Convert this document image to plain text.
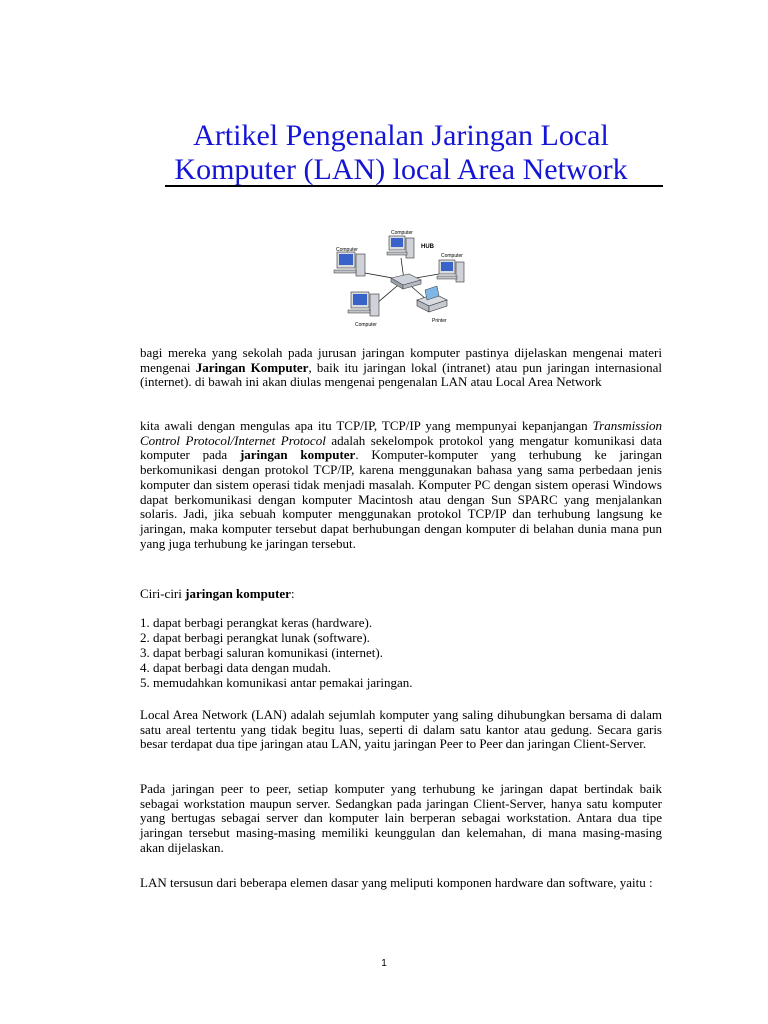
Artikel Pengenalan Jaringan Local
Komputer (LAN) local Area Network
Computer
Computer	HUB
Computer
Computer
Printer

bagi mereka yang sekolah pada jurusan jaringan komputer pastinya dijelaskan mengenai materi mengenai Jaringan Komputer, baik itu jaringan lokal (intranet) atau pun jaringan internasional (internet). di bawah ini akan diulas mengenai pengenalan LAN atau Local Area Network

kita awali dengan mengulas apa itu TCP/IP, TCP/IP yang mempunyai kepanjangan Transmission Control Protocol/Internet Protocol adalah sekelompok protokol yang mengatur komunikasi data komputer pada jaringan komputer. Komputer-komputer yang terhubung ke jaringan berkomunikasi dengan protokol TCP/IP, karena menggunakan bahasa yang sama perbedaan jenis komputer dan sistem operasi tidak menjadi masalah. Komputer PC dengan sistem operasi Windows dapat berkomunikasi dengan komputer Macintosh atau dengan Sun SPARC yang menjalankan solaris. Jadi, jika sebuah komputer menggunakan protokol TCP/IP dan terhubung langsung ke jaringan, maka komputer tersebut dapat berhubungan dengan komputer di belahan dunia mana pun yang juga terhubung ke jaringan tersebut.

Ciri-ciri jaringan komputer:

1. dapat berbagi perangkat keras (hardware).
2. dapat berbagi perangkat lunak (software).
3. dapat berbagi saluran komunikasi (internet).
4. dapat berbagi data dengan mudah.
5. memudahkan komunikasi antar pemakai jaringan.

Local Area Network (LAN) adalah sejumlah komputer yang saling dihubungkan bersama di dalam satu areal tertentu yang tidak begitu luas, seperti di dalam satu kantor atau gedung. Secara garis besar terdapat dua tipe jaringan atau LAN, yaitu jaringan Peer to Peer dan jaringan Client-Server.

Pada jaringan peer to peer, setiap komputer yang terhubung ke jaringan dapat bertindak baik sebagai workstation maupun server. Sedangkan pada jaringan Client-Server, hanya satu komputer yang bertugas sebagai server dan komputer lain berperan sebagai workstation. Antara dua tipe jaringan tersebut masing-masing memiliki keunggulan dan kelemahan, di mana masing-masing akan dijelaskan.

LAN tersusun dari beberapa elemen dasar yang meliputi komponen hardware dan software, yaitu :

1
